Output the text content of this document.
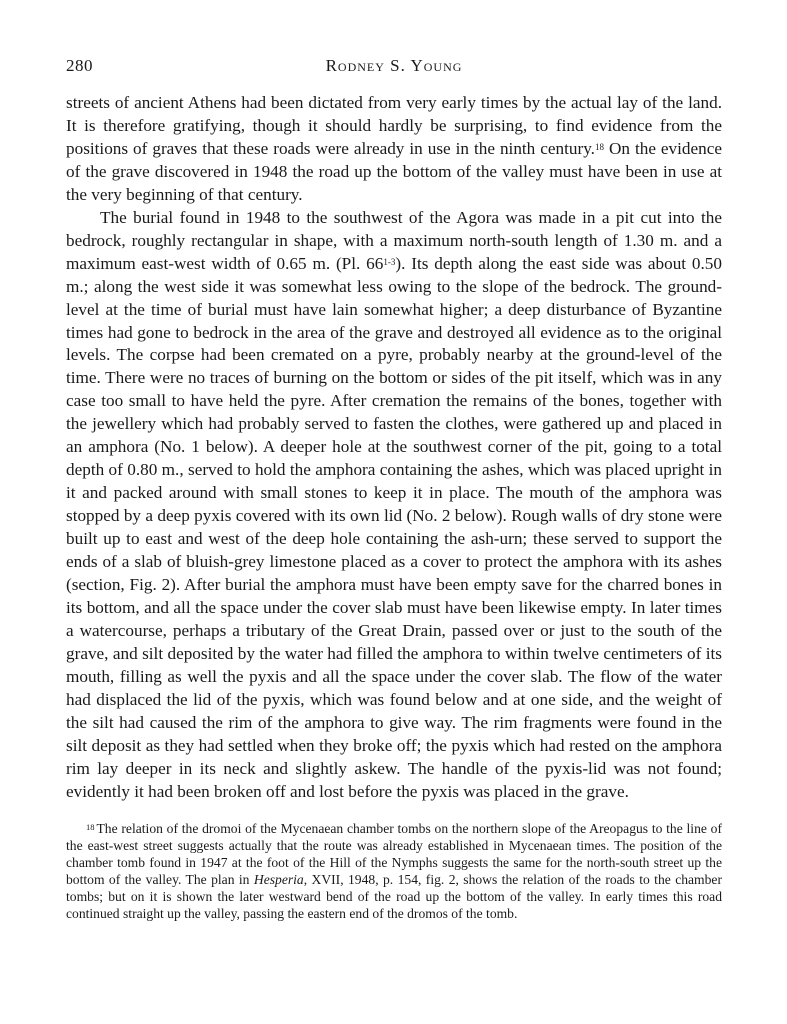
280	Rodney S. Young

streets of ancient Athens had been dictated from very early times by the actual lay of the land. It is therefore gratifying, though it should hardly be surprising, to find evidence from the positions of graves that these roads were already in use in the ninth century.$^{18}$ On the evidence of the grave discovered in 1948 the road up the bottom of the valley must have been in use at the very beginning of that century.

The burial found in 1948 to the southwest of the Agora was made in a pit cut into the bedrock, roughly rectangular in shape, with a maximum north-south length of 1.30 m. and a maximum east-west width of 0.65 m. (Pl. 66$^{1-3}$). Its depth along the east side was about 0.50 m.; along the west side it was somewhat less owing to the slope of the bedrock. The ground-level at the time of burial must have lain somewhat higher; a deep disturbance of Byzantine times had gone to bedrock in the area of the grave and destroyed all evidence as to the original levels. The corpse had been cremated on a pyre, probably nearby at the ground-level of the time. There were no traces of burning on the bottom or sides of the pit itself, which was in any case too small to have held the pyre. After cremation the remains of the bones, together with the jewellery which had probably served to fasten the clothes, were gathered up and placed in an amphora (No. 1 below). A deeper hole at the southwest corner of the pit, going to a total depth of 0.80 m., served to hold the amphora containing the ashes, which was placed upright in it and packed around with small stones to keep it in place. The mouth of the amphora was stopped by a deep pyxis covered with its own lid (No. 2 below). Rough walls of dry stone were built up to east and west of the deep hole containing the ash-urn; these served to support the ends of a slab of bluish-grey limestone placed as a cover to protect the amphora with its ashes (section, Fig. 2). After burial the amphora must have been empty save for the charred bones in its bottom, and all the space under the cover slab must have been likewise empty. In later times a watercourse, perhaps a tributary of the Great Drain, passed over or just to the south of the grave, and silt deposited by the water had filled the amphora to within twelve centimeters of its mouth, filling as well the pyxis and all the space under the cover slab. The flow of the water had displaced the lid of the pyxis, which was found below and at one side, and the weight of the silt had caused the rim of the amphora to give way. The rim fragments were found in the silt deposit as they had settled when they broke off; the pyxis which had rested on the amphora rim lay deeper in its neck and slightly askew. The handle of the pyxis-lid was not found; evidently it had been broken off and lost before the pyxis was placed in the grave.

$^{18}$ The relation of the dromoi of the Mycenaean chamber tombs on the northern slope of the Areopagus to the line of the east-west street suggests actually that the route was already established in Mycenaean times. The position of the chamber tomb found in 1947 at the foot of the Hill of the Nymphs suggests the same for the north-south street up the bottom of the valley. The plan in Hesperia, XVII, 1948, p. 154, fig. 2, shows the relation of the roads to the chamber tombs; but on it is shown the later westward bend of the road up the bottom of the valley. In early times this road continued straight up the valley, passing the eastern end of the dromos of the tomb.
